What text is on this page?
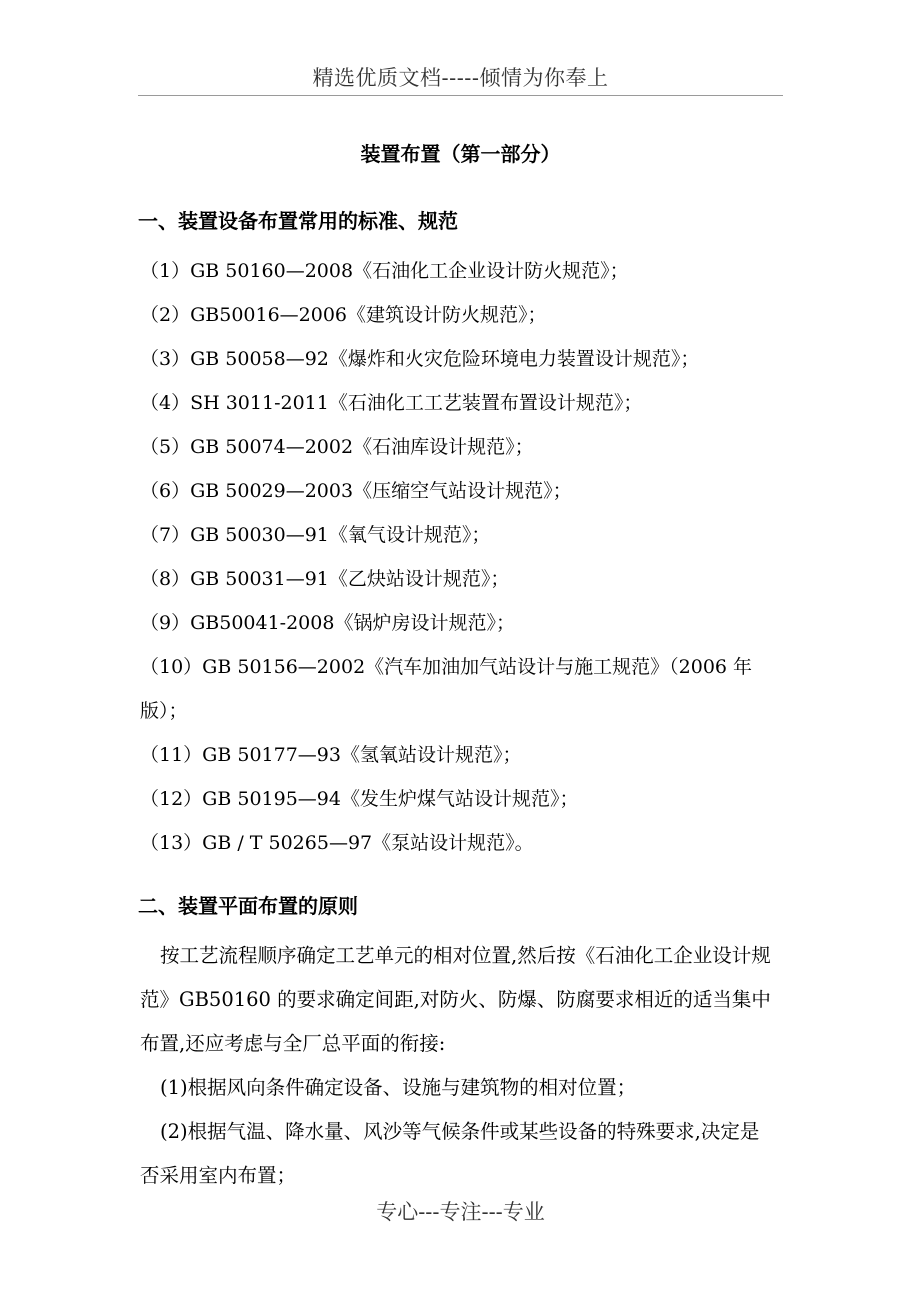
精选优质文档-----倾情为你奉上
装置布置（第一部分）
一、装置设备布置常用的标准、规范
（1）GB 50160—2008《石油化工企业设计防火规范》；
（2）GB50016—2006《建筑设计防火规范》；
（3）GB 50058—92《爆炸和火灾危险环境电力装置设计规范》；
（4）SH 3011-2011《石油化工工艺装置布置设计规范》；
（5）GB 50074—2002《石油库设计规范》；
（6）GB 50029—2003《压缩空气站设计规范》；
（7）GB 50030—91《氧气设计规范》；
（8）GB 50031—91《乙炔站设计规范》；
（9）GB50041-2008《锅炉房设计规范》；
（10）GB 50156—2002《汽车加油加气站设计与施工规范》（2006 年
版）；
（11）GB 50177—93《氢氧站设计规范》；
（12）GB 50195—94《发生炉煤气站设计规范》；
（13）GB / T 50265—97《泵站设计规范》。
二、装置平面布置的原则
按工艺流程顺序确定工艺单元的相对位置,然后按《石油化工企业设计规
范》GB50160 的要求确定间距,对防火、防爆、防腐要求相近的适当集中
布置,还应考虑与全厂总平面的衔接:
(1)根据风向条件确定设备、设施与建筑物的相对位置；
(2)根据气温、降水量、风沙等气候条件或某些设备的特殊要求,决定是
否采用室内布置；
专心---专注---专业
